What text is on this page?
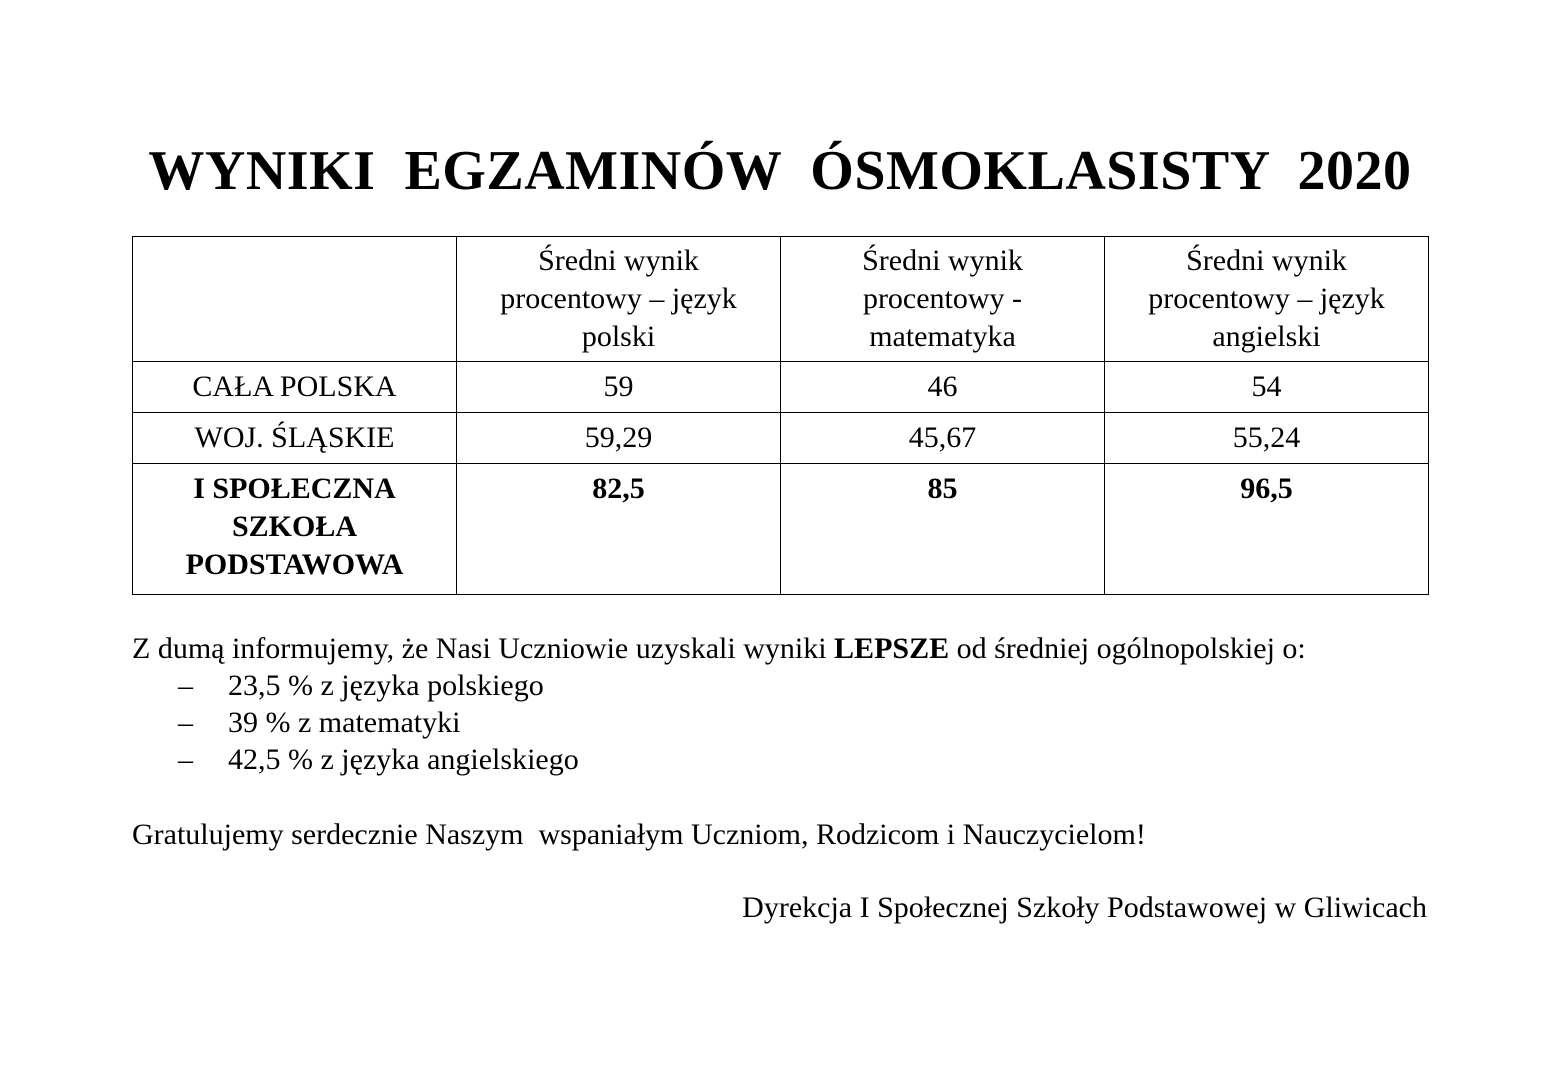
WYNIKI  EGZAMINÓW  ÓSMOKLASISTY  2020

	Średni wynik
procentowy – język
polski	Średni wynik
procentowy -
matematyka	Średni wynik
procentowy – język
angielski

CAŁA POLSKA	59	46	54
WOJ. ŚLĄSKIE	59,29	45,67	55,24

I SPOŁECZNA
SZKOŁA
PODSTAWOWA	82,5	85	96,5
Z dumą informujemy, że Nasi Uczniowie uzyskali wyniki LEPSZE od średniej ogólnopolskiej o:
– 23,5 % z języka polskiego
– 39 % z matematyki
– 42,5 % z języka angielskiego
Gratulujemy serdecznie Naszym  wspaniałym Uczniom, Rodzicom i Nauczycielom!
Dyrekcja I Społecznej Szkoły Podstawowej w Gliwicach
